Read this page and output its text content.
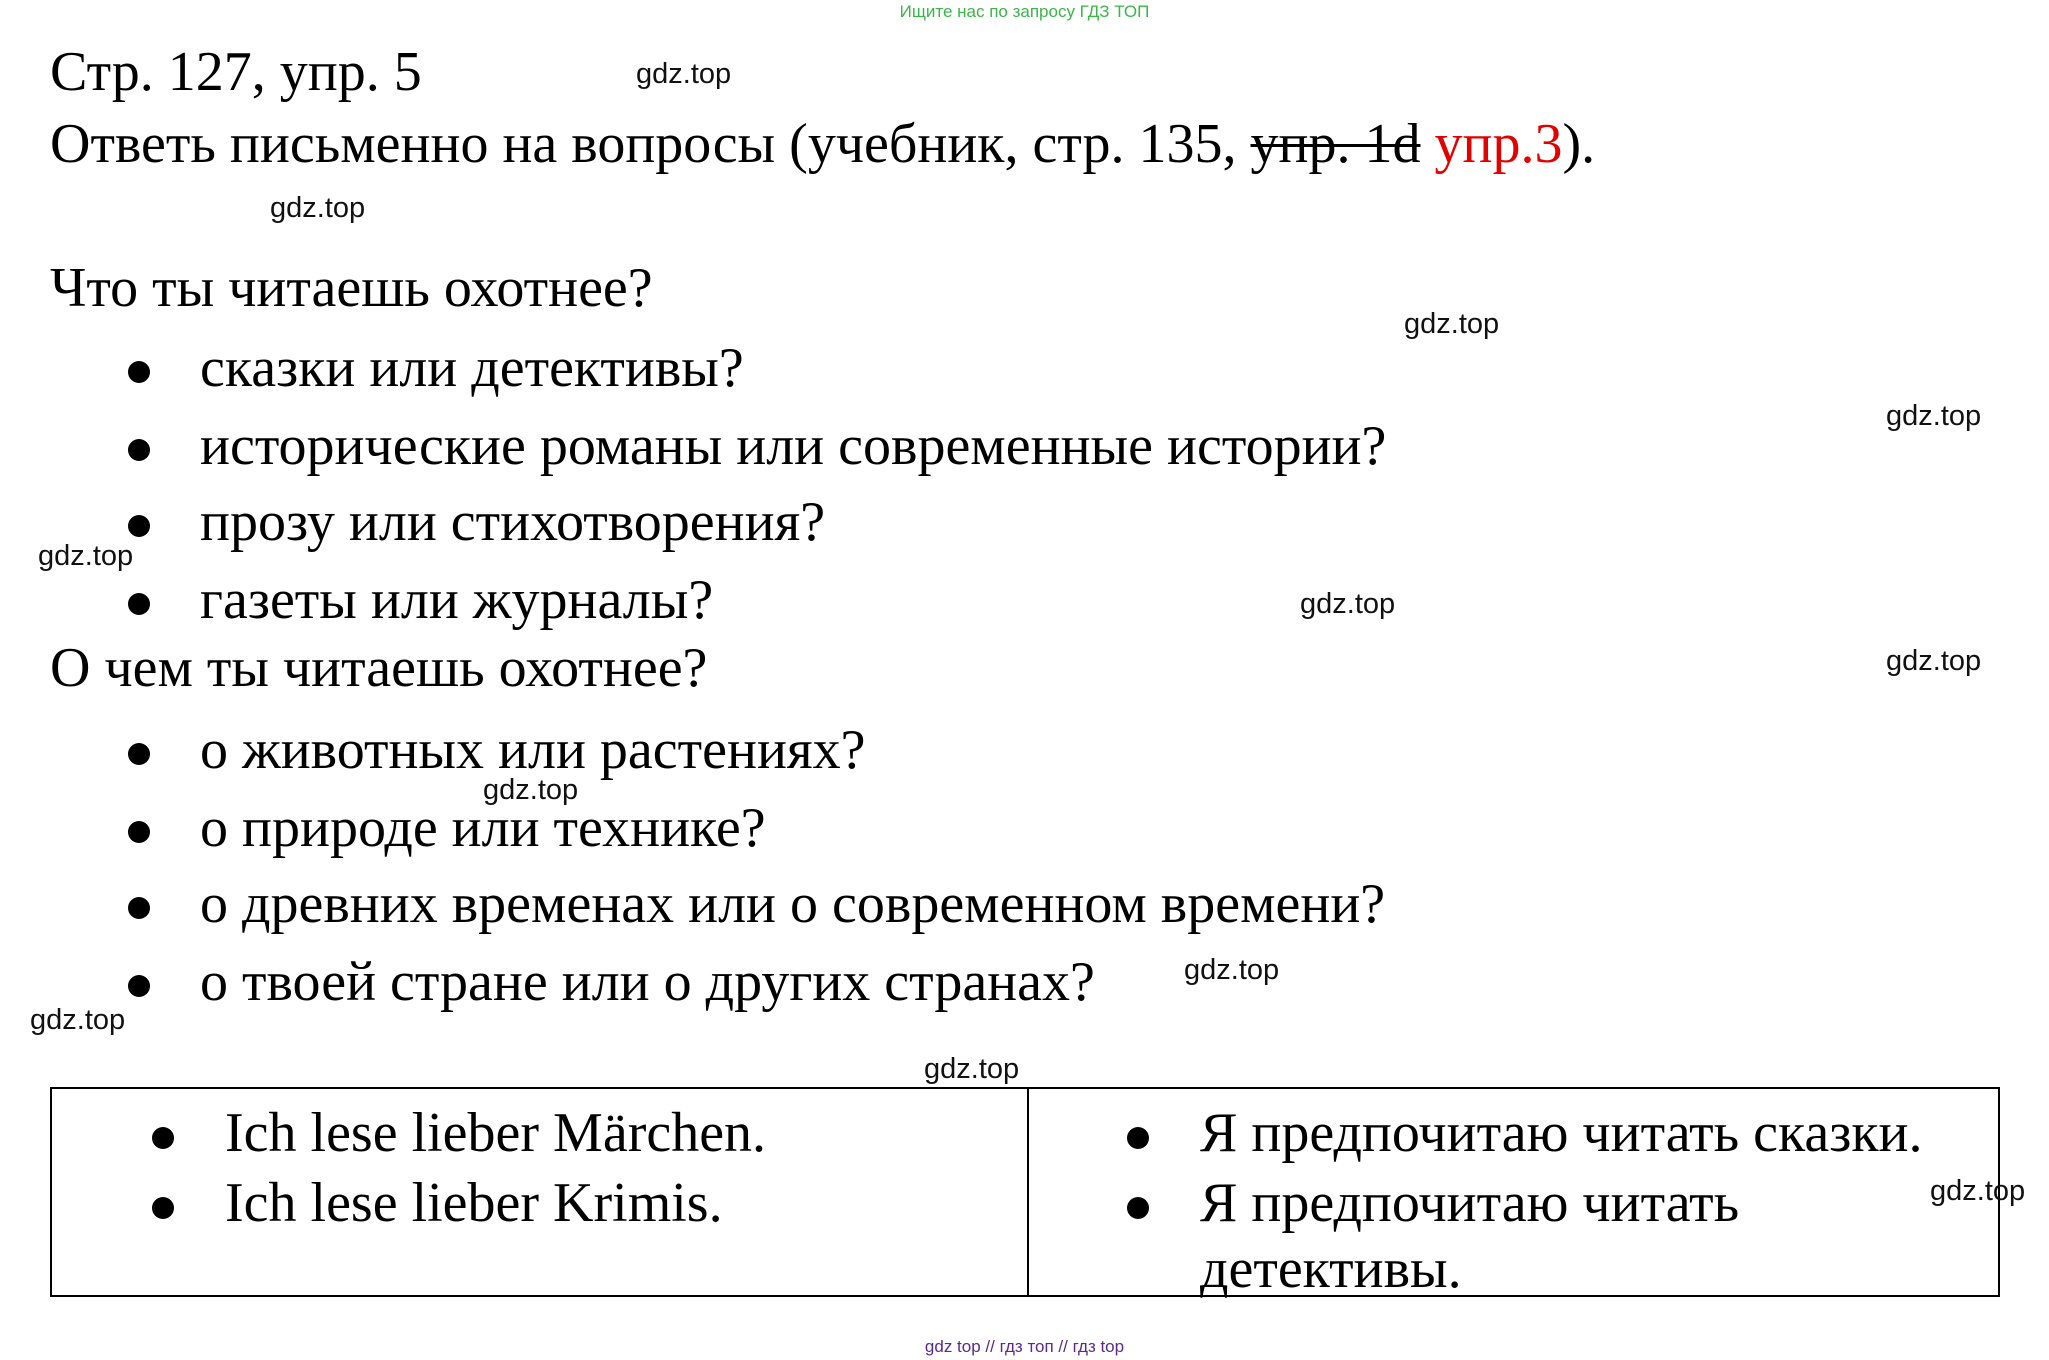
Ищите нас по запросу ГДЗ ТОП
Стр. 127, упр. 5
Ответь письменно на вопросы (учебник, стр. 135, упр. 1d упр.3).
Что ты читаешь охотнее?
сказки или детективы?
исторические романы или современные истории?
прозу или стихотворения?
газеты или журналы?
О чем ты читаешь охотнее?
о животных или растениях?
о природе или технике?
о древних временах или о современном времени?
о твоей стране или о других странах?
Ich lese lieber Märchen.
Ich lese lieber Krimis.
Я предпочитаю читать сказки.
Я предпочитаю читать
детективы.
gdz.top
gdz.top
gdz.top
gdz.top
gdz.top
gdz.top
gdz.top
gdz.top
gdz.top
gdz.top
gdz.top
gdz.top
gdz top // гдз топ // гдз top
